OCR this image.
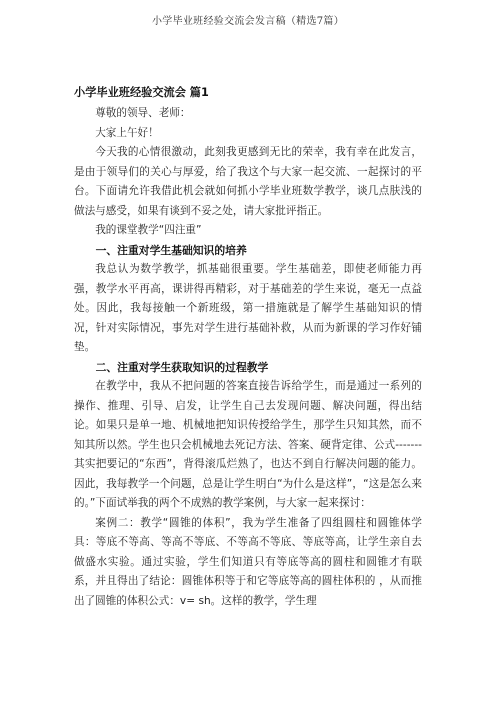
小学毕业班经验交流会发言稿（精选7篇）
小学毕业班经验交流会 篇1

尊敬的领导、老师：

大家上午好！

今天我的心情很激动，此刻我更感到无比的荣幸，我有幸在此发言，是由于领导们的关心与厚爱，给了我这个与大家一起交流、一起探讨的平台。下面请允许我借此机会就如何抓小学毕业班数学教学，谈几点肤浅的做法与感受，如果有谈到不妥之处，请大家批评指正。

我的课堂教学“四注重”

一、注重对学生基础知识的培养

我总认为数学教学，抓基础很重要。学生基础差，即使老师能力再强，教学水平再高，课讲得再精彩，对于基础差的学生来说，毫无一点益处。因此，我每接触一个新班级，第一措施就是了解学生基础知识的情况，针对实际情况，事先对学生进行基础补救，从而为新课的学习作好铺垫。

二、注重对学生获取知识的过程教学

在教学中，我从不把问题的答案直接告诉给学生，而是通过一系列的操作、推理、引导、启发，让学生自己去发现问题、解决问题，得出结论。如果只是单一地、机械地把知识传授给学生，那学生只知其然，而不知其所以然。学生也只会机械地去死记方法、答案、硬背定律、公式-------其实把要记的“东西”，背得滚瓜烂熟了，也达不到自行解决问题的能力。因此，我每教学一个问题，总是让学生明白“为什么是这样”，“这是怎么来的。”下面试举我的两个不成熟的教学案例，与大家一起来探讨：

案例二：教学“圆锥的体积”，我为学生准备了四组圆柱和圆锥体学具：等底不等高、等高不等底、不等高不等底、等底等高，让学生亲自去做盛水实验。通过实验，学生们知道只有等底等高的圆柱和圆锥才有联系，并且得出了结论：圆锥体积等于和它等底等高的圆柱体积的 ，从而推出了圆锥的体积公式：v= sh。这样的教学，学生理
